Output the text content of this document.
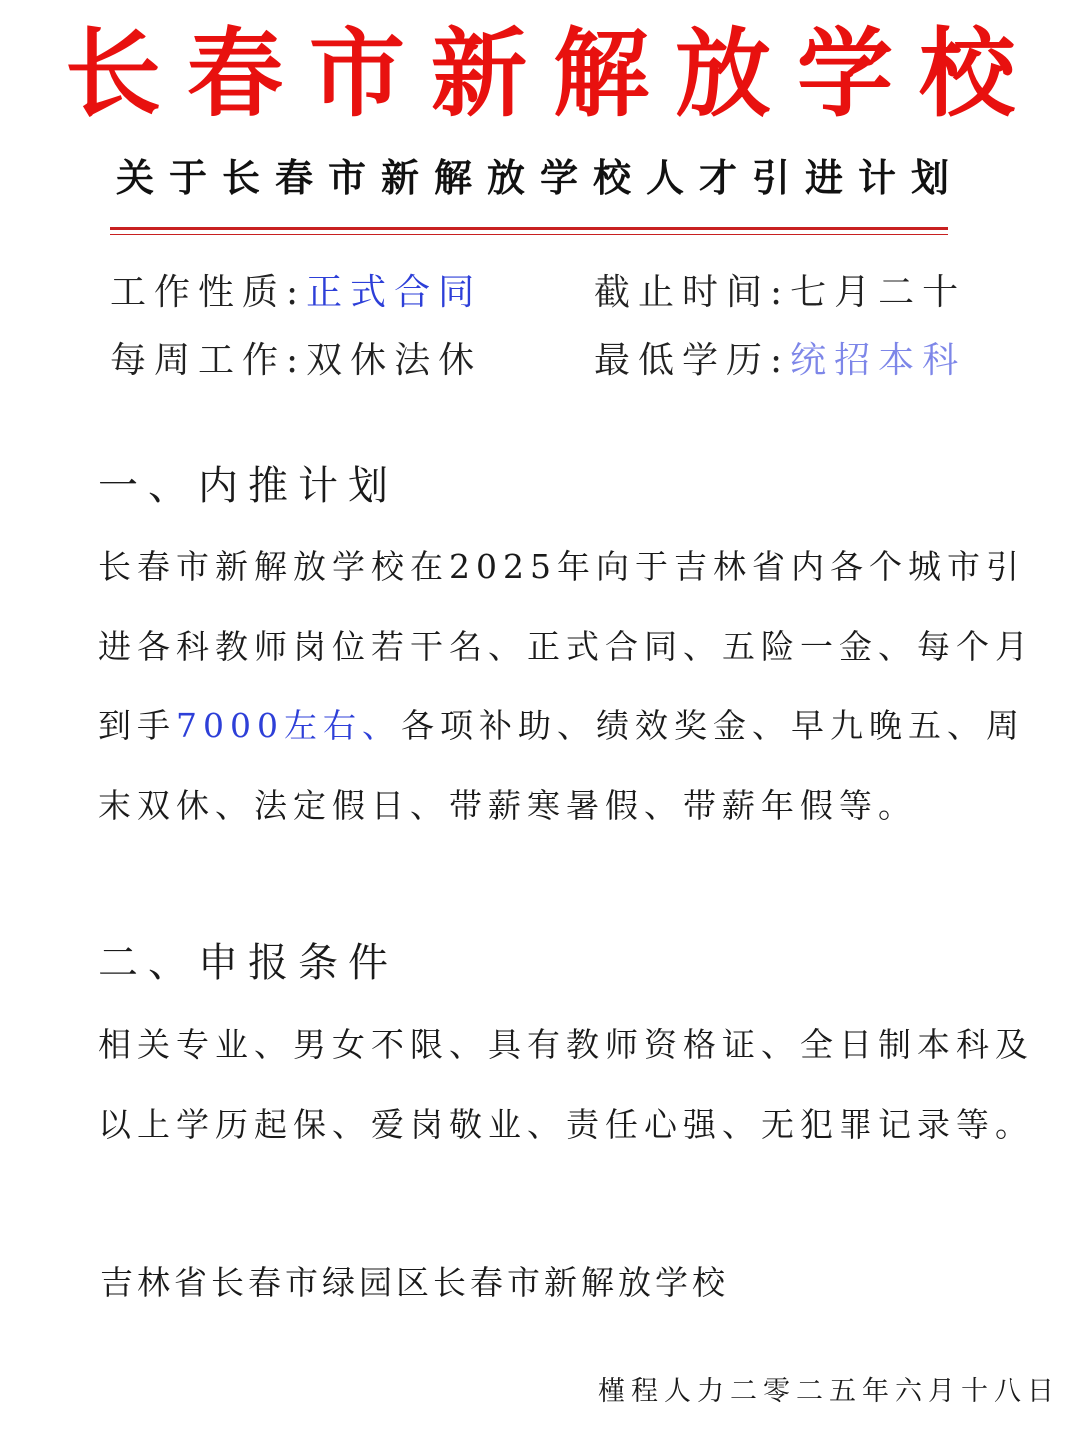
长春市新解放学校
关于长春市新解放学校人才引进计划
工作性质:正式合同	截止时间:七月二十
每周工作:双休法休	最低学历:统招本科
一、内推计划
长春市新解放学校在2025年向于吉林省内各个城市引进各科教师岗位若干名、正式合同、五险一金、每个月到手7000左右、各项补助、绩效奖金、早九晚五、周末双休、法定假日、带薪寒暑假、带薪年假等。
二、申报条件
相关专业、男女不限、具有教师资格证、全日制本科及以上学历起保、爱岗敬业、责任心强、无犯罪记录等。
吉林省长春市绿园区长春市新解放学校
槿程人力二零二五年六月十八日
